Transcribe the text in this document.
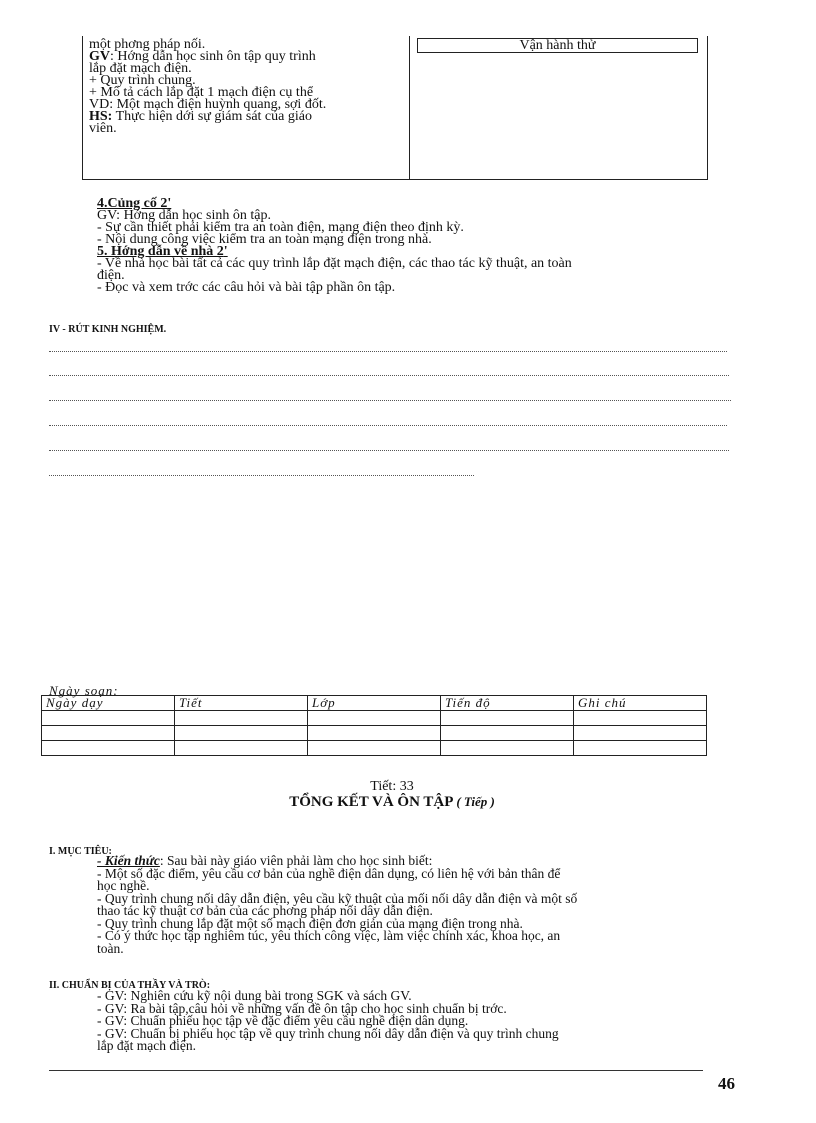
một phơng pháp nối.
GV: Hớng dẫn học sinh ôn tập quy trình
lắp đặt mạch điện.
+ Quy trình chung.
+ Mô tả cách lắp đặt 1 mạch điện cụ thể
VD: Một mạch điện huỳnh quang, sợi đốt.
HS: Thực hiện dới sự giám sát của giáo
viên.
Vận hành thử
4.Củng cố 2'
GV: Hớng dẫn học sinh ôn tập.
- Sự cần thiết phải kiểm tra an toàn điện, mạng điện theo định kỳ.
- Nội dung công việc kiểm tra an toàn mạng điện trong nhà.
5. Hớng dẫn về nhà 2'
- Về nhà học bài tất cả các quy trình lắp đặt mạch điện, các thao tác kỹ thuật, an toàn
điện.
- Đọc và xem trớc các câu hỏi và bài tập phần ôn tập.
IV - RÚT KINH NGHIỆM.
Ngày soạn:
Ngày dạy	Tiết	Lớp	Tiến độ	Ghi chú

Tiết: 33
TỔNG KẾT VÀ ÔN TẬP ( Tiếp )
I. MỤC TIÊU:
- Kiến thức: Sau bài này giáo viên phải làm cho học sinh biết:
- Một số đặc điểm, yêu cầu cơ bản của nghề điện dân dụng, có liên hệ với bản thân để
học nghề.
- Quy trình chung nối dây dẫn điện, yêu cầu kỹ thuật của mối nối dây dẫn điện và một số
thao tác kỹ thuật cơ bản của các phơng pháp nối dây dẫn điện.
- Quy trình chung lắp đặt một số mạch điện đơn giản của mạng điện trong nhà.
- Có ý thức học tập nghiêm túc, yêu thích công việc, làm việc chính xác, khoa học, an
toàn.
II. CHUẨN BỊ CỦA THẦY VÀ TRÒ:
- GV: Nghiên cứu kỹ nội dung bài trong SGK và sách GV.
- GV: Ra bài tập,câu hỏi về những vấn đề ôn tập cho học sinh chuẩn bị trớc.
- GV: Chuẩn phiếu học tập về đặc điểm yêu cầu nghề điện dân dụng.
- GV: Chuẩn bị phiếu học tập về quy trình chung nối dây dẫn điện và quy trình chung
lắp đặt mạch điện.
46
